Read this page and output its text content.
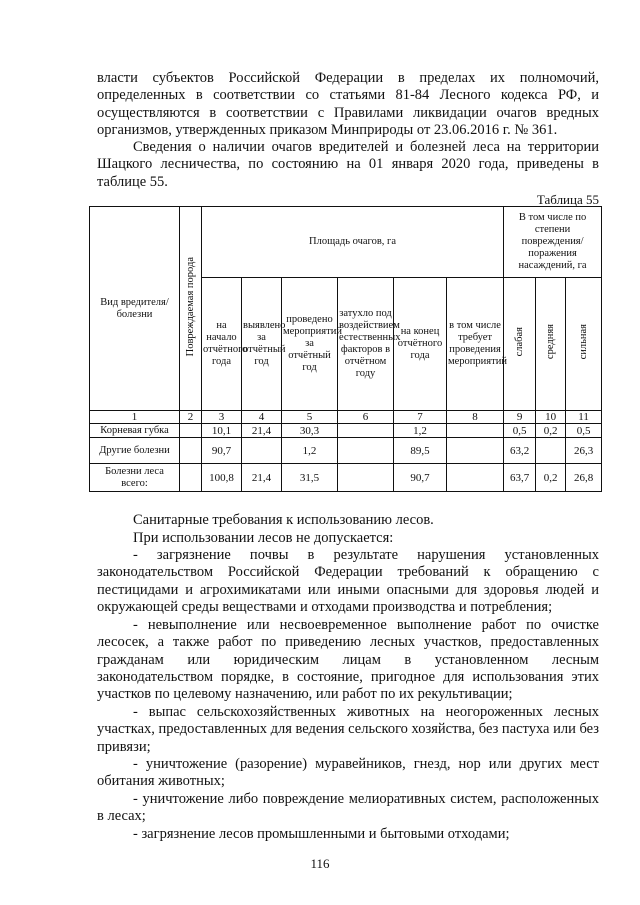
власти субъектов Российской Федерации в пределах их полномочий, определенных в соответствии со статьями 81-84 Лесного кодекса РФ, и осуществляются в соответствии с Правилами ликвидации очагов вредных организмов, утвержденных приказом Минприроды от 23.06.2016 г. № 361.

Сведения о наличии очагов вредителей и болезней леса на территории Шацкого лесничества, по состоянию на 01 января 2020 года, приведены в таблице 55.

Таблица 55
Вид вредителя/болезни	Повреждаемая порода	Площадь очагов, га						В том числе по степени повреждения/поражения насаждений, га		
		на начало отчётного года	выявлено за отчётный год	проведено мероприятий за отчётный год	затухло под воздействием естественных факторов в отчётном году	на конец отчётного года	в том числе требует проведения мероприятий	слабая	средняя	сильная
1	2	3	4	5	6	7	8	9	10	11
Корневая губка		10,1	21,4	30,3		1,2		0,5	0,2	0,5
Другие болезни		90,7		1,2		89,5		63,2		26,3
Болезни леса всего:		100,8	21,4	31,5		90,7		63,7	0,2	26,8

Санитарные требования к использованию лесов.

При использовании лесов не допускается:

- загрязнение почвы в результате нарушения установленных законодательством Российской Федерации требований к обращению с пестицидами и агрохимикатами или иными опасными для здоровья людей и окружающей среды веществами и отходами производства и потребления;

- невыполнение или несвоевременное выполнение работ по очистке лесосек, а также работ по приведению лесных участков, предоставленных гражданам или юридическим лицам в установленном лесным законодательством порядке, в состояние, пригодное для использования этих участков по целевому назначению, или работ по их рекультивации;

- выпас сельскохозяйственных животных на неогороженных лесных участках, предоставленных для ведения сельского хозяйства, без пастуха или без привязи;

- уничтожение (разорение) муравейников, гнезд, нор или других мест обитания животных;

- уничтожение либо повреждение мелиоративных систем, расположенных в лесах;

- загрязнение лесов промышленными и бытовыми отходами;

116
